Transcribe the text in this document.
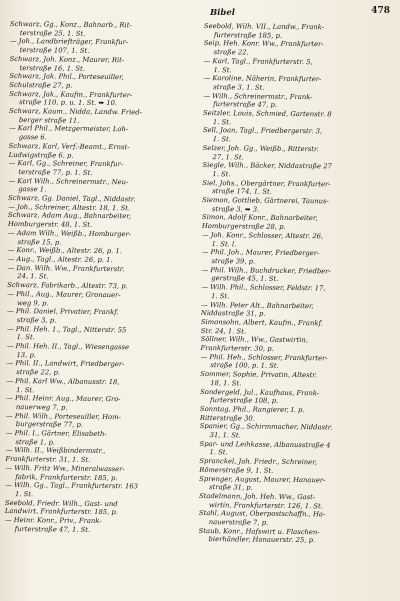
Bibel	478

Schwarz, Gg., Konz., Bahnarb., Rit-

terstraße 25, 1. St.

— Joh., Landbriefträger, Frankfur-

terstraße 107, 1. St.

Schwarz, Joh. Konz., Maurer, Rit-

terstraße 16, 1. St.

Schwarz, Jak. Phil., Porteseuiller,

Schulstraße 27, p.

Schwarz, Jak., Kaufm., Frankfurter-

straße 110, p. u. 1. St. ➡ 10.

Schwarz, Kaum., Nidda, Landw. Fried-

berger straße 11.

— Karl Phil., Metzgermeister, Loh-

gasse 6.

Schwarz, Karl, Verf.-Beamt., Ernst-

Ludwigstraße 6, p.

— Karl, Gg., Schreiner, Frankfur-

terstraße 77, p. 1. St.

— Karl Wilh., Schreinermstr., Neu-

gasse 1.

Schwarz, Gg. Daniel, Tagl., Niddastr.

— Joh., Schreiner, Altestr. 18, 1. St.

Schwarz, Adam Aug., Bahnarbeiter,

Homburgerstr. 48, 1. St.

— Adam Wilh., Weißb., Homburger-

straße 15, p.

— Konr., Weißb., Altestr. 26, p. 1.

— Aug., Tagl., Altestr. 26, p. 1.

— Dan. Wilh. Ww., Frankfurterstr.

24, 1. St.

Schwarz, Fabrikarb., Altestr. 73, p.

— Phil., Aug., Maurer, Gronauer-

weg 9, p.

— Phil. Daniel, Privatier, Frankf.

straße 3, p.

— Phil. Heh. 1., Tagl., Nitterstr. 55

1. St.

— Phil. Heh. II., Tagl., Wiesengasse

13, p.

— Phil. II., Landwirt, Friedberger-

straße 22, p.

— Phil. Karl Ww., Albanusstr. 18,

1. St.

— Phil. Heinr. Aug., Maurer, Gro-

nauerweg 7, p.

— Phil. Wilh., Porteseuiller, Hom-

burgerstraße 77, p.

— Phil. I., Gärtner, Elisabeth-

straße 1, p.

— Wilh. II., Weißbindermstr.,

Frankfurterstr. 31, 1. St.

— Wilh. Fritz Ww., Mineralwasser-

fabrik, Frankfurterstr. 185, p.

— Wilh. Gg., Tagl., Frankfurterstr. 163

1. St.

Seebold, Friedr. Wilh., Gast- und

Landwirt, Frankfurterstr. 185, p.

— Heinr. Konr., Priv., Frank-

furterstraße 47, 1. St.

Seebold, Wilh. VII., Landw., Frank-

furterstraße 185, p.

Seip, Heh. Konr. Ww., Frankfurter-

straße 22.

— Karl, Tagl., Frankfurterstr. 5,

1. St.

— Karoline, Näherin, Frankfurter-

straße 3, 1. St.

— Wilh., Schreinermstr., Frank-

furterstraße 47, p.

Seitzler, Louis, Schmied, Gartenstr. 8

1. St.

Sell, Joan, Tagl., Friedbergerstr. 3,

1. St.

Selzer, Joh. Gg., Weißb., Ritterstr.

27, 1. St.

Siegle, Wilh., Bäcker, Niddastraße 27

1. St.

Siel, Johs., Obergärtner, Frankfurter-

straße 174, 1. St.

Siemon, Gottlieb, Gärtnerei, Taunus-

straße 3, ➡ 3.

Simon, Adolf Konr., Bahnarbeiter,

Homburgerstraße 28, p.

— Joh. Konr., Schlosser, Altestr. 26,

1. St. l.

— Phil. Joh., Maurer, Friedberger-

straße 39, p.

— Phil. Wilh., Buchdrucker, Friedber-

gerstraße 45, 1. St.

— Wilh. Phil., Schlosser, Feldstr. 17,

1. St.

— Wilh. Peter Alt., Bahnarbeiter,

Niddastraße 31, p.

Simonsohn, Albert, Kaufm., Frankf.

Str. 24, 1. St.

Söllner, Wilh., Ww., Gastwirtin,

Frankfurterstr. 30, p.

— Phil. Heh., Schlosser, Frankfurter-

straße 100, p. 1. St.

Sommer, Sophie, Privatin, Altestr.

18, 1. St.

Sondergeld, Jul., Kaufhaus, Frank-

furterstraße 108, p.

Sonntag, Phil., Rangierer, I. p.

Ritterstraße 30.

Spanier, Gg., Schirmmacher, Niddastr.

31, 1. St.

Spar- und Leihkasse, Albanusstraße 4

1. St.

Spranckel, Joh. Friedr., Schreiner,

Römerstraße 9, 1. St.

Sprenger, August, Maurer, Hanauer-

straße 31, p.

Stadelmann, Joh. Heh. Ww., Gast-

wirtin, Frankfurterstr. 126, 1. St.

Stahl, August, Oberpostschaffn., Ha-

nauerstraße 7, p.

Staub, Konr., Hafswirt u. Flaschen-

bierhändler, Hanauerstr. 25, p.
